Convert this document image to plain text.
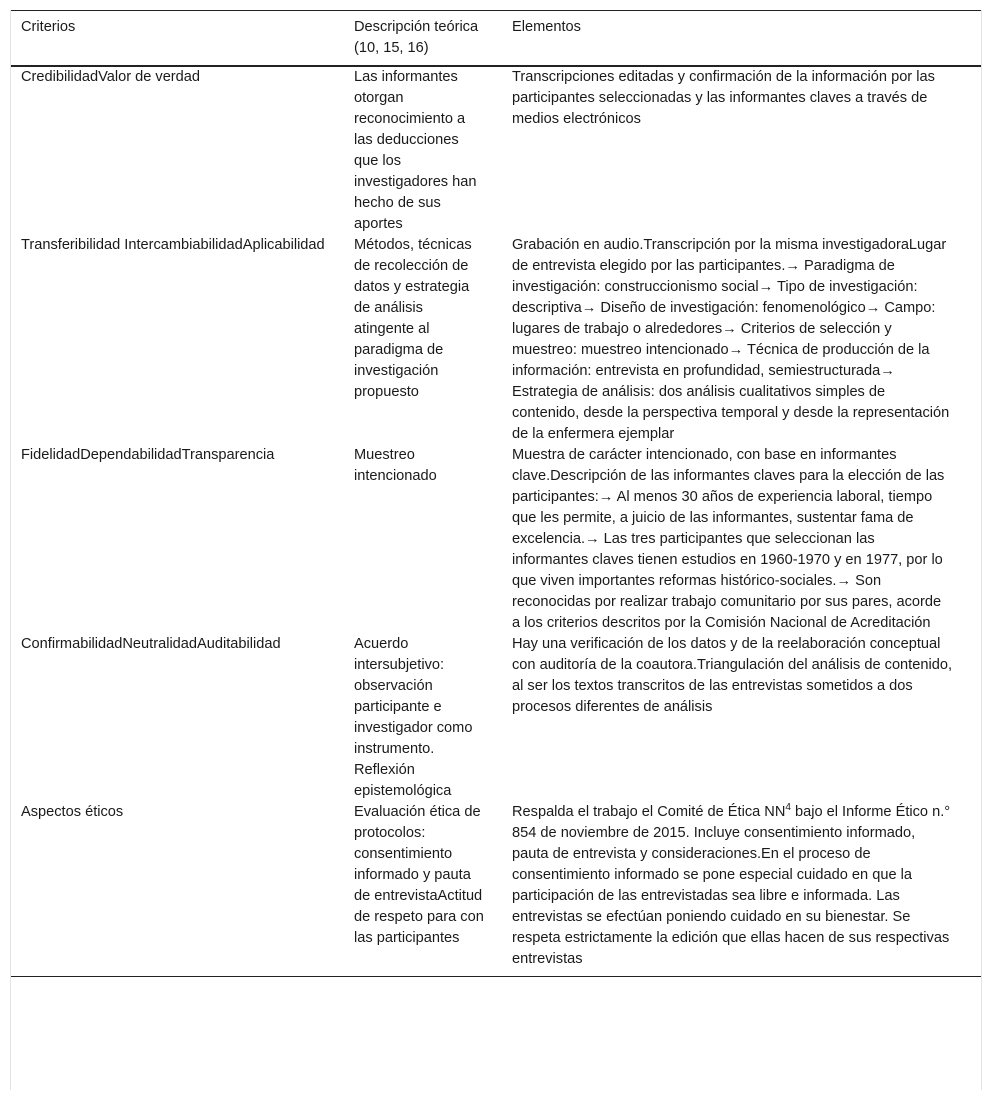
Criterios	Descripción teórica (10, 15, 16)	Elementos
CredibilidadValor de verdad	Las informantes otorgan reconocimiento a las deducciones que los investigadores han hecho de sus aportes	Transcripciones editadas y confirmación de la información por las participantes seleccionadas y las informantes claves a través de medios electrónicos
Transferibilidad IntercambiabilidadAplicabilidad	Métodos, técnicas de recolección de datos y estrategia de análisis atingente al paradigma de investigación propuesto	Grabación en audio.Transcripción por la misma investigadoraLugar de entrevista elegido por las participantes.→ Paradigma de investigación: construccionismo social→ Tipo de investigación: descriptiva→ Diseño de investigación: fenomenológico→ Campo: lugares de trabajo o alrededores→ Criterios de selección y muestreo: muestreo intencionado→ Técnica de producción de la información: entrevista en profundidad, semiestructurada→ Estrategia de análisis: dos análisis cualitativos simples de contenido, desde la perspectiva temporal y desde la representación de la enfermera ejemplar
FidelidadDependabilidadTransparencia	Muestreo intencionado	Muestra de carácter intencionado, con base en informantes clave.Descripción de las informantes claves para la elección de las participantes:→ Al menos 30 años de experiencia laboral, tiempo que les permite, a juicio de las informantes, sustentar fama de excelencia.→ Las tres participantes que seleccionan las informantes claves tienen estudios en 1960-1970 y en 1977, por lo que viven importantes reformas histórico-sociales.→ Son reconocidas por realizar trabajo comunitario por sus pares, acorde a los criterios descritos por la Comisión Nacional de Acreditación
ConfirmabilidadNeutralidadAuditabilidad	Acuerdo intersubjetivo: observación participante e investigador como instrumento. Reflexión epistemológica	Hay una verificación de los datos y de la reelaboración conceptual con auditoría de la coautora.Triangulación del análisis de contenido, al ser los textos transcritos de las entrevistas sometidos a dos procesos diferentes de análisis
Aspectos éticos	Evaluación ética de protocolos: consentimiento informado y pauta de entrevistaActitud de respeto para con las participantes	Respalda el trabajo el Comité de Ética $NN^4$ bajo el Informe Ético n.° 854 de noviembre de 2015. Incluye consentimiento informado, pauta de entrevista y consideraciones.En el proceso de consentimiento informado se pone especial cuidado en que la participación de las entrevistadas sea libre e informada. Las entrevistas se efectúan poniendo cuidado en su bienestar. Se respeta estrictamente la edición que ellas hacen de sus respectivas entrevistas
